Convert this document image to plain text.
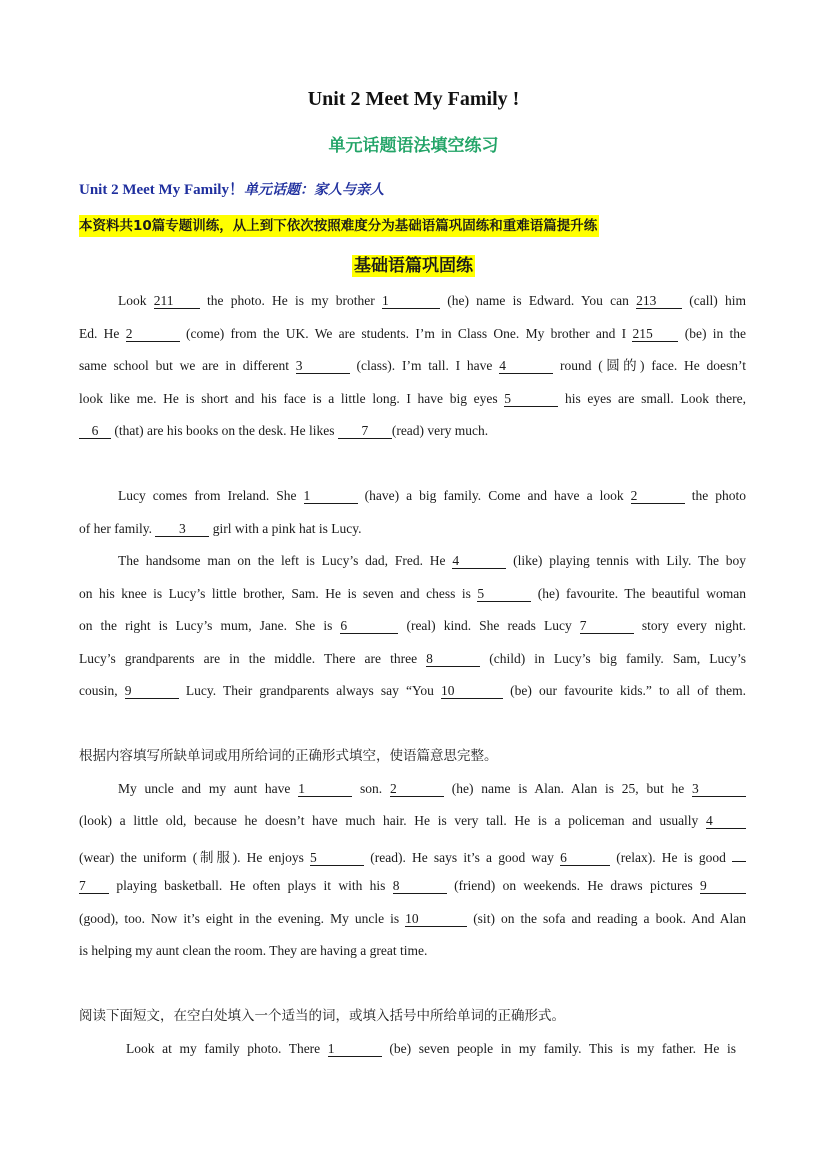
Unit 2 Meet My Family !
单元话题语法填空练习
Unit 2 Meet My Family！单元话题：家人与亲人
本资料共10篇专题训练，从上到下依次按照难度分为基础语篇巩固练和重难语篇提升练
基础语篇巩固练
Look 211 the photo. He is my brother 1	(he) name is Edward. You can 213 (call) him
Ed. He 2	(come) from the UK. We are students. I’m in Class One. My brother and I 215 (be) in the
same school but we are in different 3	(class). I’m tall. I have 4	round (圆的) face. He doesn’t
look like me. He is short and his face is a little long. I have big eyes 5	his eyes are small. Look there,
6 (that) are his books on the desk. He likes 7 (read) very much.
Lucy comes from Ireland. She 1	(have) a big family. Come and have a look 2	the photo
of her family. 3 girl with a pink hat is Lucy.
The handsome man on the left is Lucy’s dad, Fred. He 4	(like) playing tennis with Lily. The boy
on his knee is Lucy’s little brother, Sam. He is seven and chess is 5	(he) favourite. The beautiful woman
on the right is Lucy’s mum, Jane. She is 6	(real) kind. She reads Lucy 7	story every night.
Lucy’s grandparents are in the middle. There are three 8	(child) in Lucy’s big family. Sam, Lucy’s
cousin, 9	Lucy. Their grandparents always say “You 10	(be) our favourite kids.” to all of them.
根据内容填写所缺单词或用所给词的正确形式填空，使语篇意思完整。
My uncle and my aunt have 1	son. 2	(he) name is Alan. Alan is 25, but he 3
(look) a little old, because he doesn’t have much hair. He is very tall. He is a policeman and usually 4
(wear) the uniform (制服). He enjoys 5	(read). He says it’s a good way 6	(relax). He is good
7 playing basketball. He often plays it with his 8	(friend) on weekends. He draws pictures 9
(good), too. Now it’s eight in the evening. My uncle is 10	(sit) on the sofa and reading a book. And Alan
is helping my aunt clean the room. They are having a great time.
阅读下面短文，在空白处填入一个适当的词，或填入括号中所给单词的正确形式。
Look at my family photo. There 1	(be) seven people in my family. This is my father. He is
